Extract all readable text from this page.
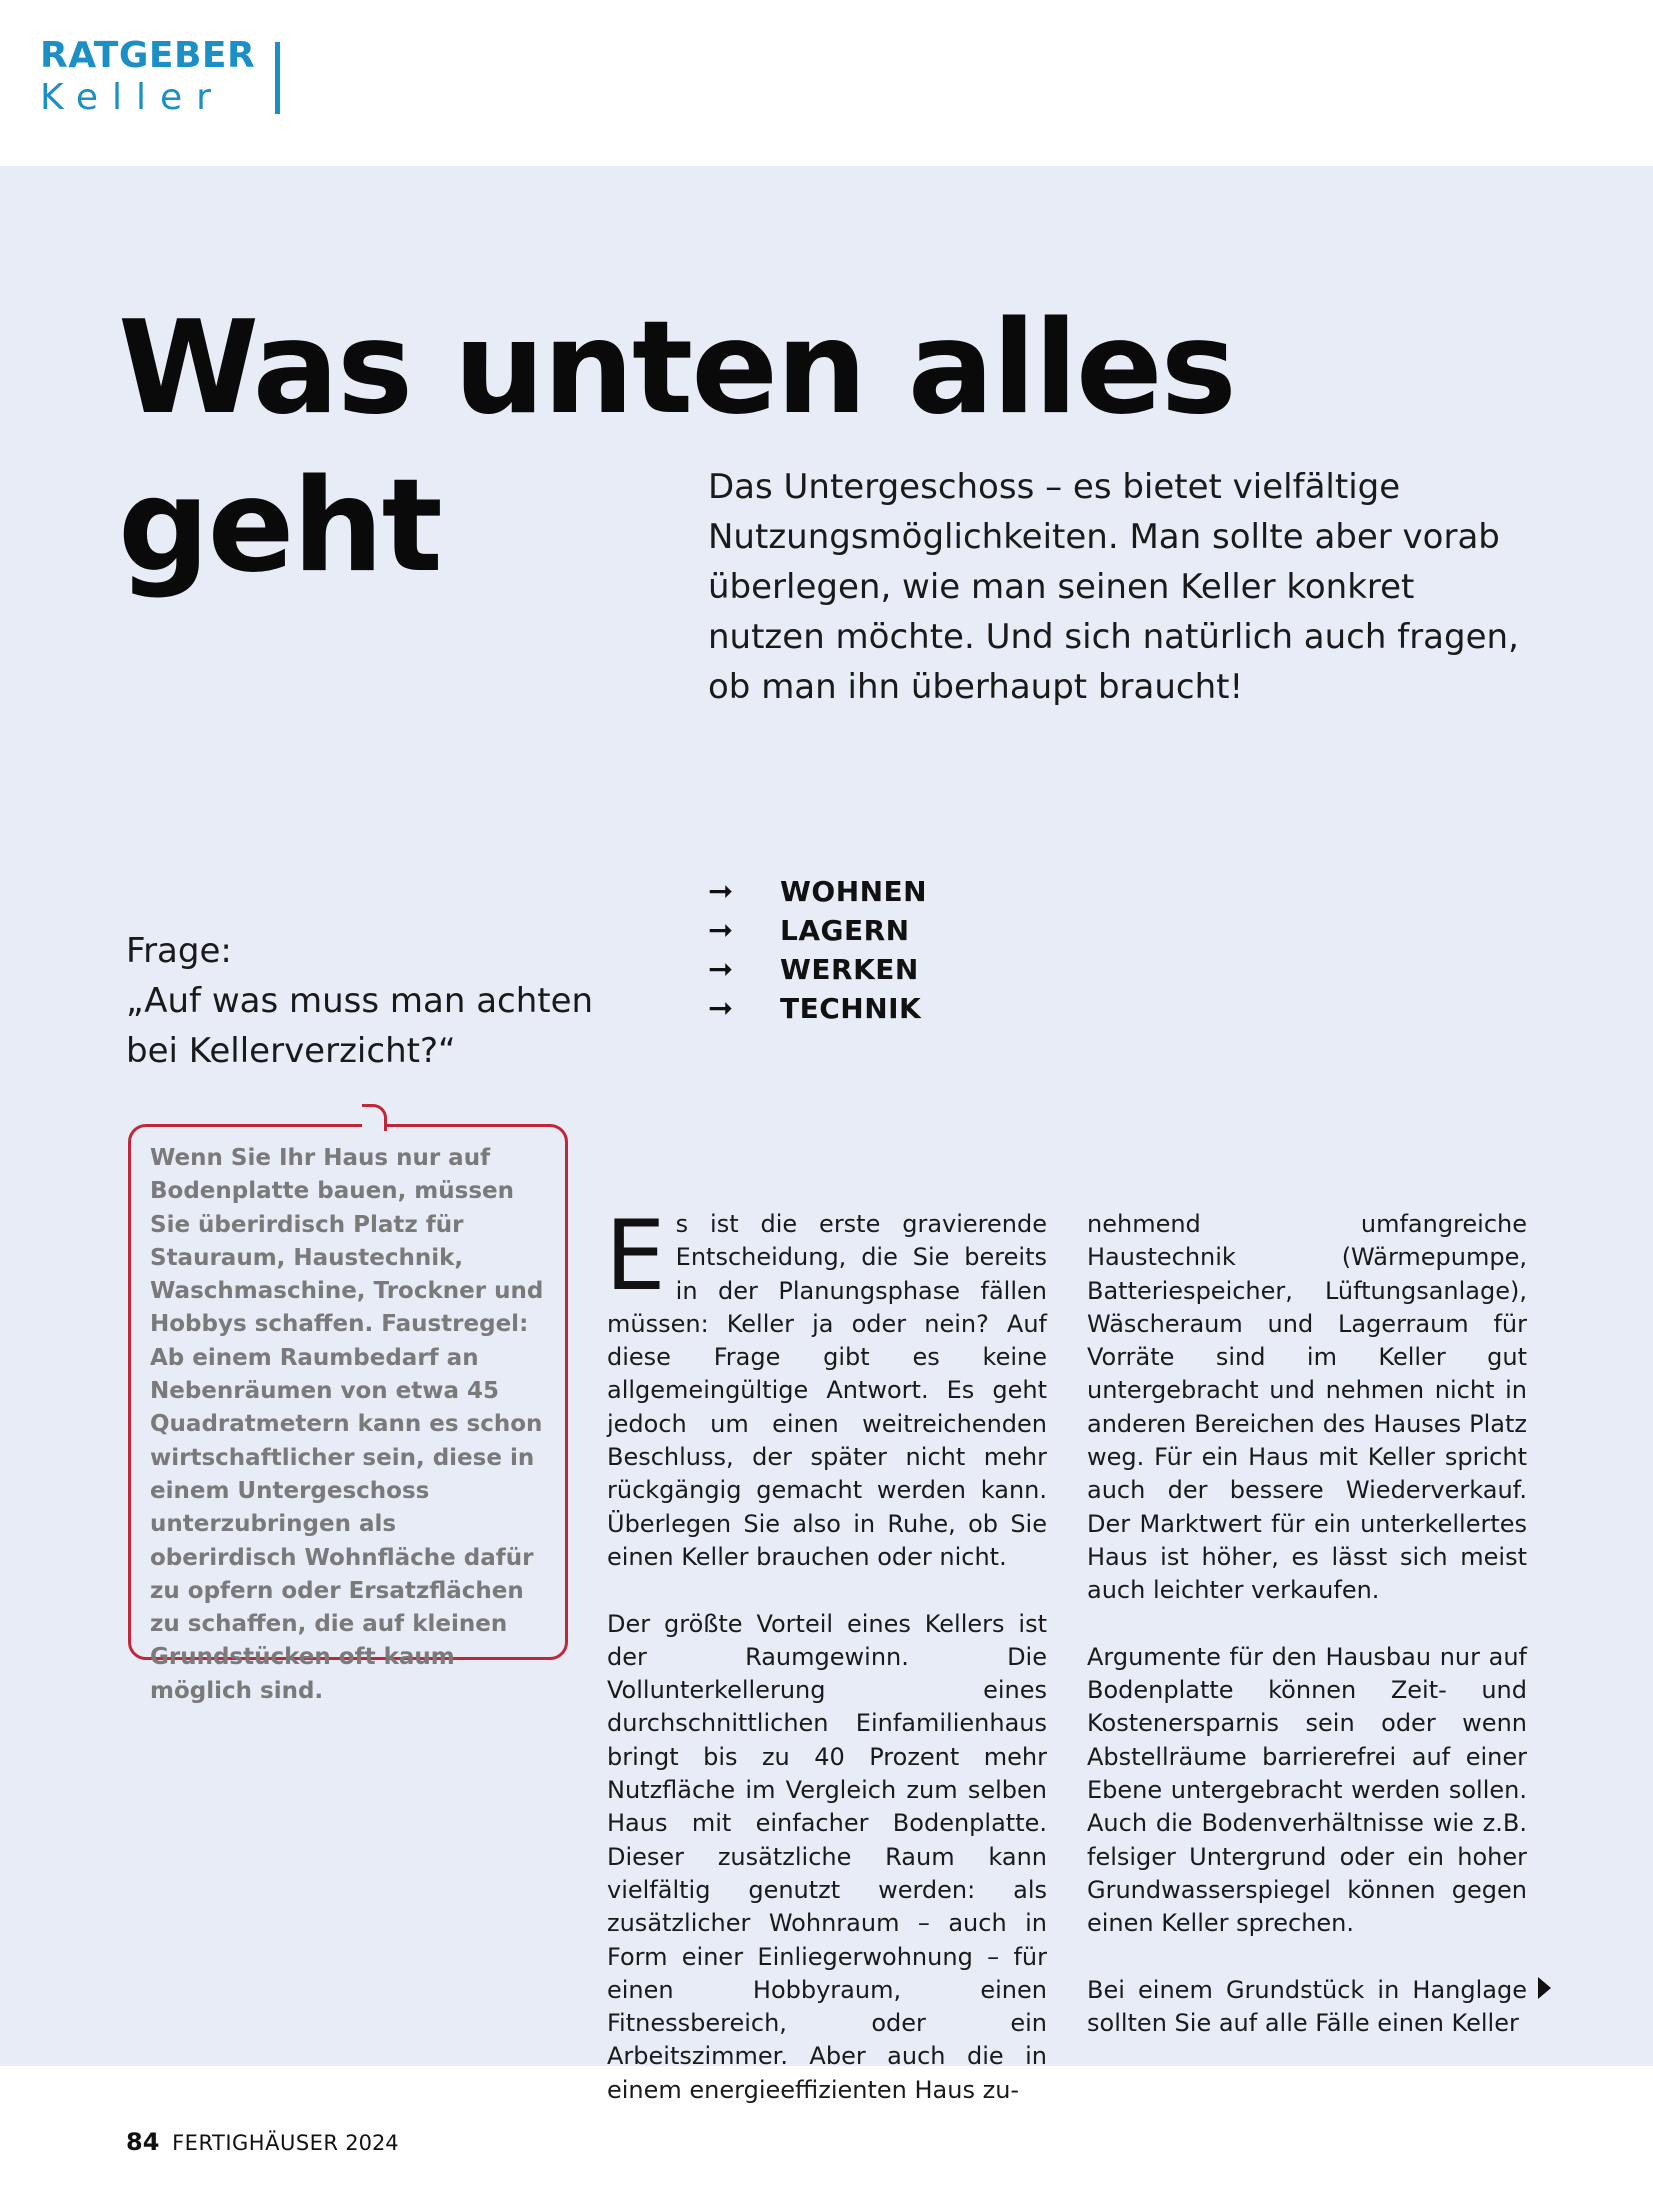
RATGEBER
Keller
Was unten alles
geht	Das Untergeschoss – es bietet vielfältige Nutzungsmöglichkeiten. Man sollte aber vorab überlegen, wie man seinen Keller konkret nutzen möchte. Und sich natürlich auch fragen, ob man ihn überhaupt braucht!
➞	WOHNEN
➞	LAGERN
➞	WERKEN
➞	TECHNIK
Frage:
„Auf was muss man achten bei Kellerverzicht?“
Wenn Sie Ihr Haus nur auf Bodenplatte bauen, müssen Sie überirdisch Platz für Stauraum, Haustechnik, Waschmaschine, Trockner und Hobbys schaffen. Faustregel: Ab einem Raumbedarf an Nebenräumen von etwa 45 Quadratmetern kann es schon wirtschaftlicher sein, diese in einem Untergeschoss unterzubringen als oberirdisch Wohnfläche dafür zu opfern oder Ersatzflächen zu schaffen, die auf kleinen Grundstücken oft kaum möglich sind.

Es ist die erste gravierende Entscheidung, die Sie bereits in der Planungsphase fällen müssen: Keller ja oder nein? Auf diese Frage gibt es keine allgemeingültige Antwort. Es geht jedoch um einen weitreichenden Beschluss, der später nicht mehr rückgängig gemacht werden kann. Überlegen Sie also in Ruhe, ob Sie einen Keller brauchen oder nicht.

Der größte Vorteil eines Kellers ist der Raumgewinn. Die Vollunterkellerung eines durchschnittlichen Einfamilienhaus bringt bis zu 40 Prozent mehr Nutzfläche im Vergleich zum selben Haus mit einfacher Bodenplatte. Dieser zusätzliche Raum kann vielfältig genutzt werden: als zusätzlicher Wohnraum – auch in Form einer Einliegerwohnung – für einen Hobbyraum, einen Fitnessbereich, oder ein Arbeitszimmer. Aber auch die in einem energieeffizienten Haus zu-

nehmend umfangreiche Haustechnik (Wärmepumpe, Batteriespeicher, Lüftungsanlage), Wäscheraum und Lagerraum für Vorräte sind im Keller gut untergebracht und nehmen nicht in anderen Bereichen des Hauses Platz weg. Für ein Haus mit Keller spricht auch der bessere Wiederverkauf. Der Marktwert für ein unterkellertes Haus ist höher, es lässt sich meist auch leichter verkaufen.

Argumente für den Hausbau nur auf Bodenplatte können Zeit- und Kostenersparnis sein oder wenn Abstellräume barrierefrei auf einer Ebene untergebracht werden sollen. Auch die Bodenverhältnisse wie z.B. felsiger Untergrund oder ein hoher Grundwasserspiegel können gegen einen Keller sprechen.

Bei einem Grundstück in Hanglage sollten Sie auf alle Fälle einen Keller

84 FERTIGHÄUSER 2024
